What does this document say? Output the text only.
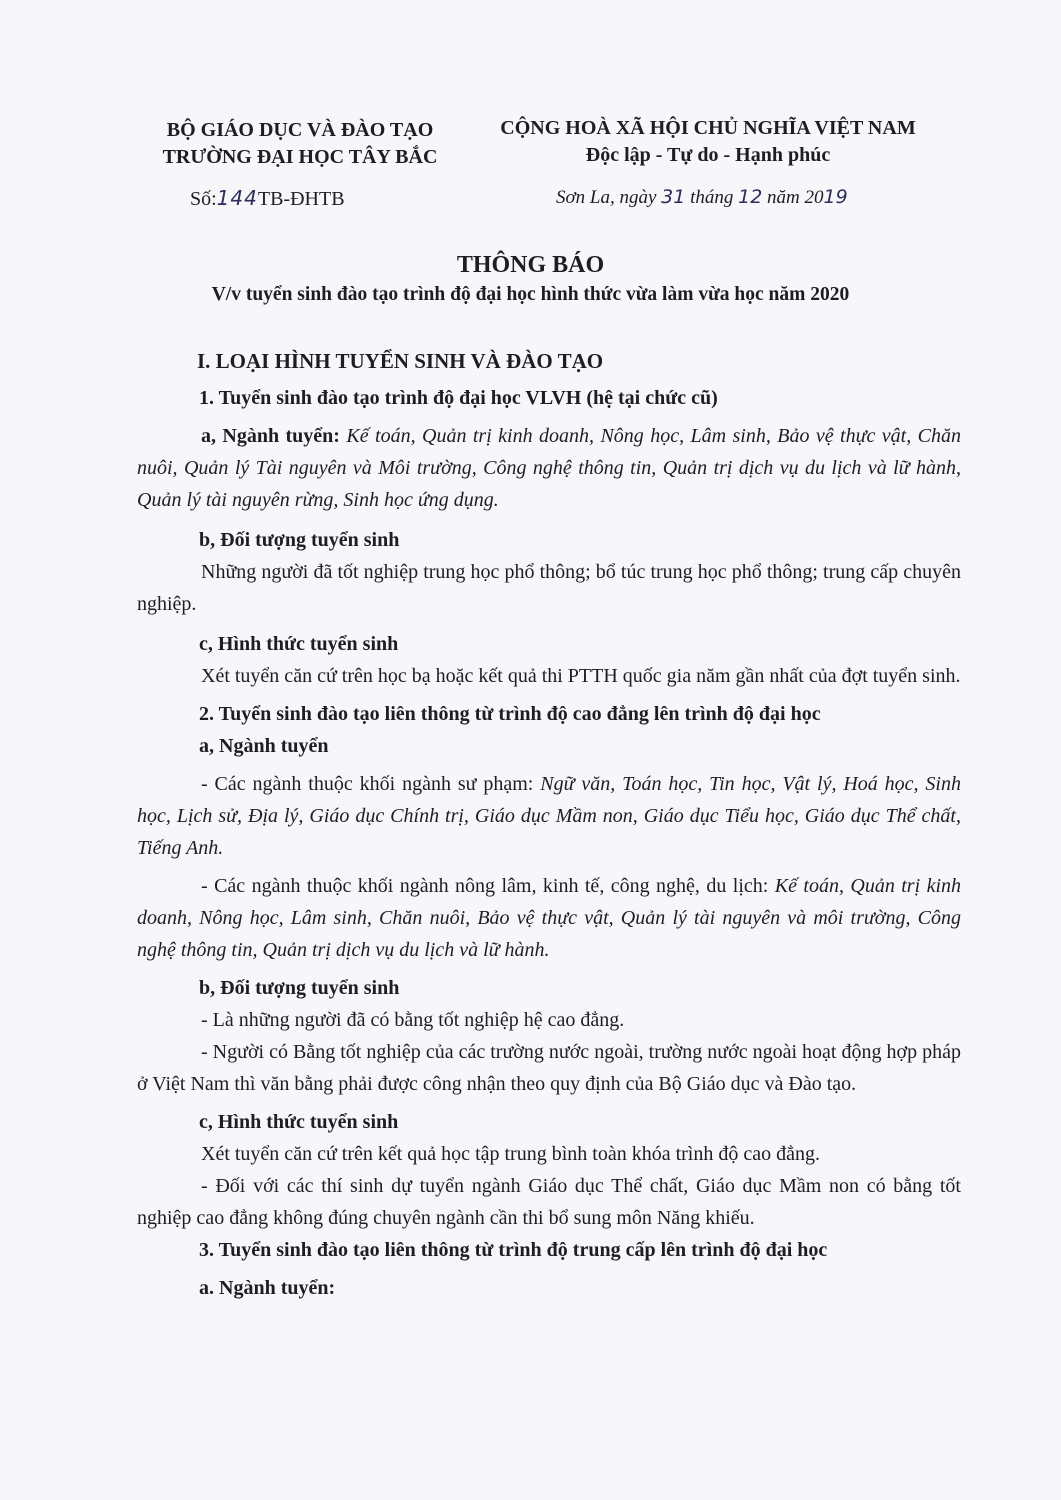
BỘ GIÁO DỤC VÀ ĐÀO TẠO
TRƯỜNG ĐẠI HỌC TÂY BẮC
CỘNG HOÀ XÃ HỘI CHỦ NGHĨA VIỆT NAM
Độc lập - Tự do - Hạnh phúc
Số:144TB-ĐHTB	Sơn La, ngày 31 tháng 12 năm 2019
THÔNG BÁO
V/v tuyển sinh đào tạo trình độ đại học hình thức vừa làm vừa học năm 2020

I. LOẠI HÌNH TUYỂN SINH VÀ ĐÀO TẠO

1. Tuyển sinh đào tạo trình độ đại học VLVH (hệ tại chức cũ)

a, Ngành tuyển: Kế toán, Quản trị kinh doanh, Nông học, Lâm sinh, Bảo vệ thực vật, Chăn nuôi, Quản lý Tài nguyên và Môi trường, Công nghệ thông tin, Quản trị dịch vụ du lịch và lữ hành, Quản lý tài nguyên rừng, Sinh học ứng dụng.

b, Đối tượng tuyển sinh

Những người đã tốt nghiệp trung học phổ thông; bổ túc trung học phổ thông; trung cấp chuyên nghiệp.

c, Hình thức tuyển sinh

Xét tuyển căn cứ trên học bạ hoặc kết quả thi PTTH quốc gia năm gần nhất của đợt tuyển sinh.

2. Tuyển sinh đào tạo liên thông từ trình độ cao đẳng lên trình độ đại học

a, Ngành tuyển

- Các ngành thuộc khối ngành sư phạm: Ngữ văn, Toán học, Tin học, Vật lý, Hoá học, Sinh học, Lịch sử, Địa lý, Giáo dục Chính trị, Giáo dục Mầm non, Giáo dục Tiểu học, Giáo dục Thể chất, Tiếng Anh.

- Các ngành thuộc khối ngành nông lâm, kinh tế, công nghệ, du lịch: Kế toán, Quản trị kinh doanh, Nông học, Lâm sinh, Chăn nuôi, Bảo vệ thực vật, Quản lý tài nguyên và môi trường, Công nghệ thông tin, Quản trị dịch vụ du lịch và lữ hành.

b, Đối tượng tuyển sinh

- Là những người đã có bằng tốt nghiệp hệ cao đẳng.

- Người có Bằng tốt nghiệp của các trường nước ngoài, trường nước ngoài hoạt động hợp pháp ở Việt Nam thì văn bằng phải được công nhận theo quy định của Bộ Giáo dục và Đào tạo.

c, Hình thức tuyển sinh

Xét tuyển căn cứ trên kết quả học tập trung bình toàn khóa trình độ cao đẳng.

- Đối với các thí sinh dự tuyển ngành Giáo dục Thể chất, Giáo dục Mầm non có bằng tốt nghiệp cao đẳng không đúng chuyên ngành cần thi bổ sung môn Năng khiếu.

3. Tuyển sinh đào tạo liên thông từ trình độ trung cấp lên trình độ đại học

a. Ngành tuyển:
